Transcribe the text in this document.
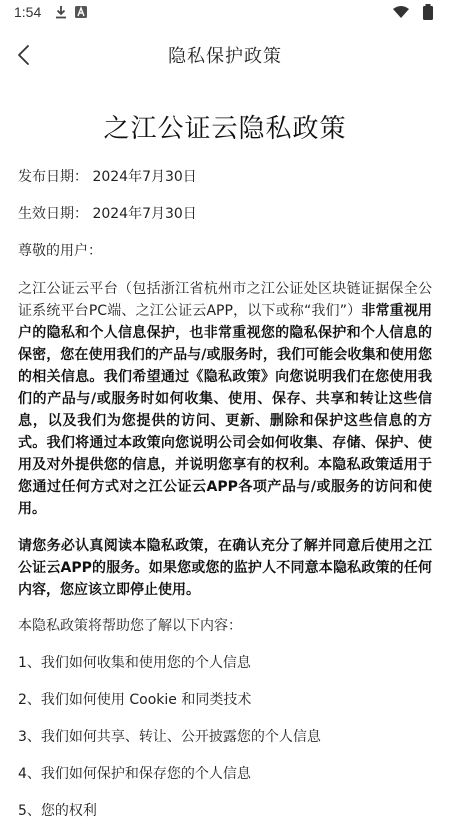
1:54
隐私保护政策
之江公证云隐私政策
发布日期： 2024年7月30日
生效日期： 2024年7月30日
尊敬的用户：
之江公证云平台（包括浙江省杭州市之江公证处区块链证据保全公证系统平台PC端、之江公证云APP，以下或称“我们”）非常重视用户的隐私和个人信息保护，也非常重视您的隐私保护和个人信息的保密，您在使用我们的产品与/或服务时，我们可能会收集和使用您的相关信息。我们希望通过《隐私政策》向您说明我们在您使用我们的产品与/或服务时如何收集、使用、保存、共享和转让这些信息，以及我们为您提供的访问、更新、删除和保护这些信息的方式。我们将通过本政策向您说明公司会如何收集、存储、保护、使用及对外提供您的信息，并说明您享有的权利。本隐私政策适用于您通过任何方式对之江公证云APP各项产品与/或服务的访问和使用。
请您务必认真阅读本隐私政策，在确认充分了解并同意后使用之江公证云APP的服务。如果您或您的监护人不同意本隐私政策的任何内容，您应该立即停止使用。
本隐私政策将帮助您了解以下内容：
1、我们如何收集和使用您的个人信息
2、我们如何使用 Cookie 和同类技术
3、我们如何共享、转让、公开披露您的个人信息
4、我们如何保护和保存您的个人信息
5、您的权利
